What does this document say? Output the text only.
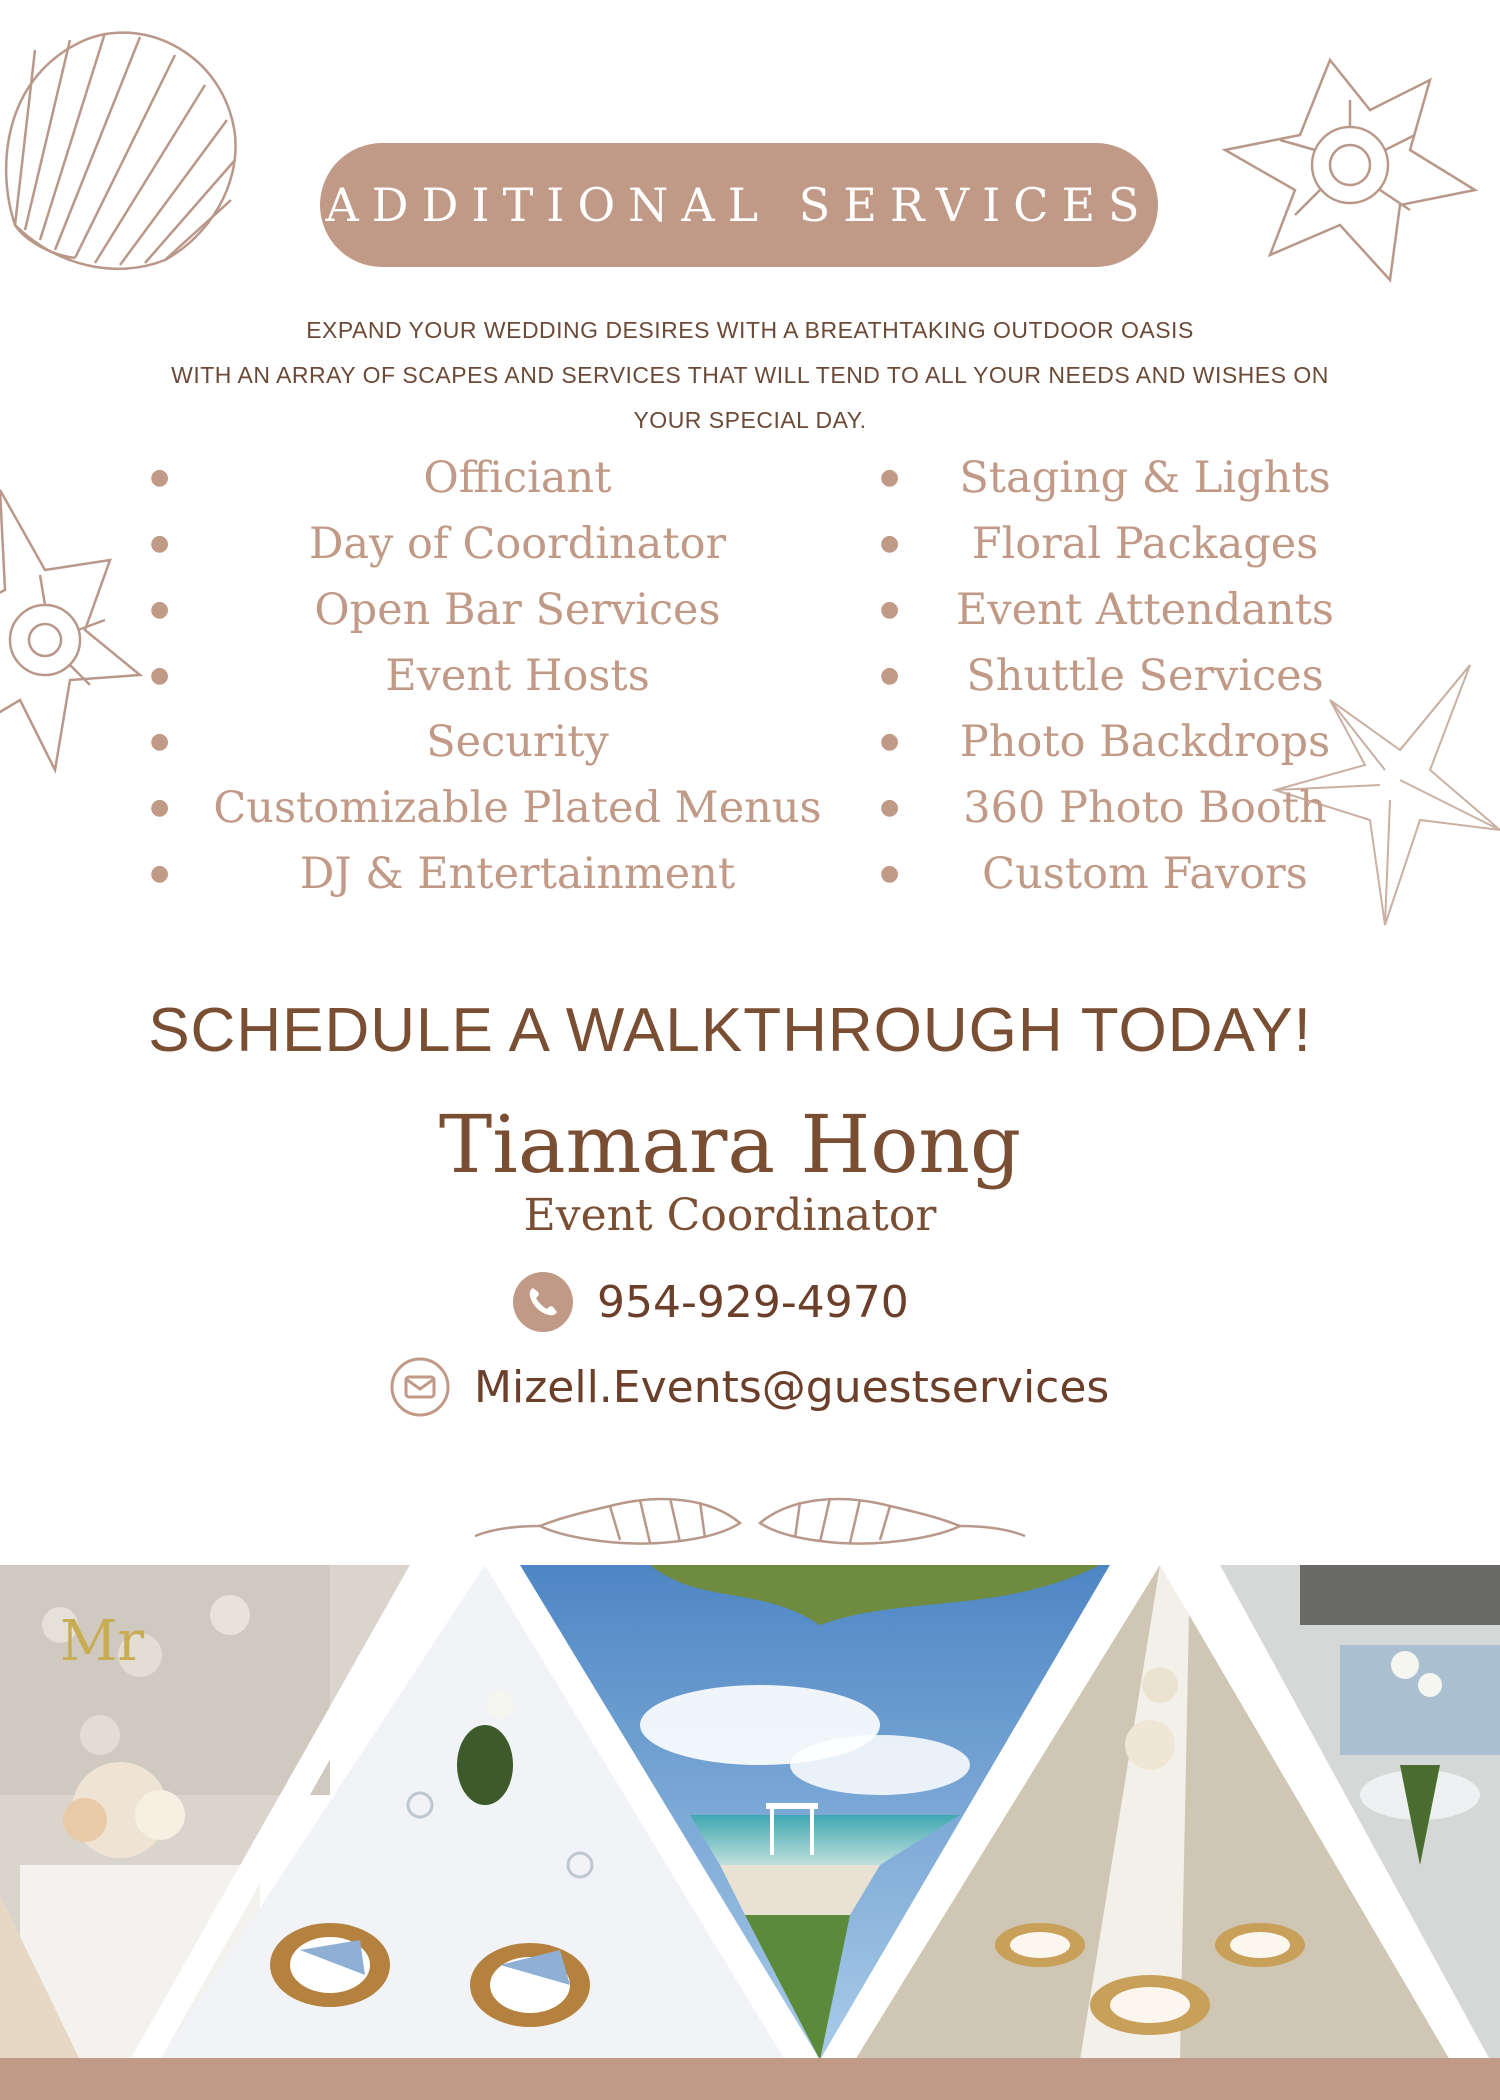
ADDITIONAL SERVICES
EXPAND YOUR WEDDING DESIRES WITH A BREATHTAKING OUTDOOR OASIS
WITH AN ARRAY OF SCAPES AND SERVICES THAT WILL TEND TO ALL YOUR NEEDS AND WISHES ON
YOUR SPECIAL DAY.
●	Officiant
●	Day of Coordinator
●	Open Bar Services
●	Event Hosts
●	Security
● Customizable Plated Menus
●	DJ & Entertainment
● Staging & Lights
● Floral Packages
● Event Attendants
● Shuttle Services
● Photo Backdrops
● 360 Photo Booth
● Custom Favors
SCHEDULE A WALKTHROUGH TODAY!
Tiamara Hong
Event Coordinator
954-929-4970
Mizell.Events@guestservices
Mr
